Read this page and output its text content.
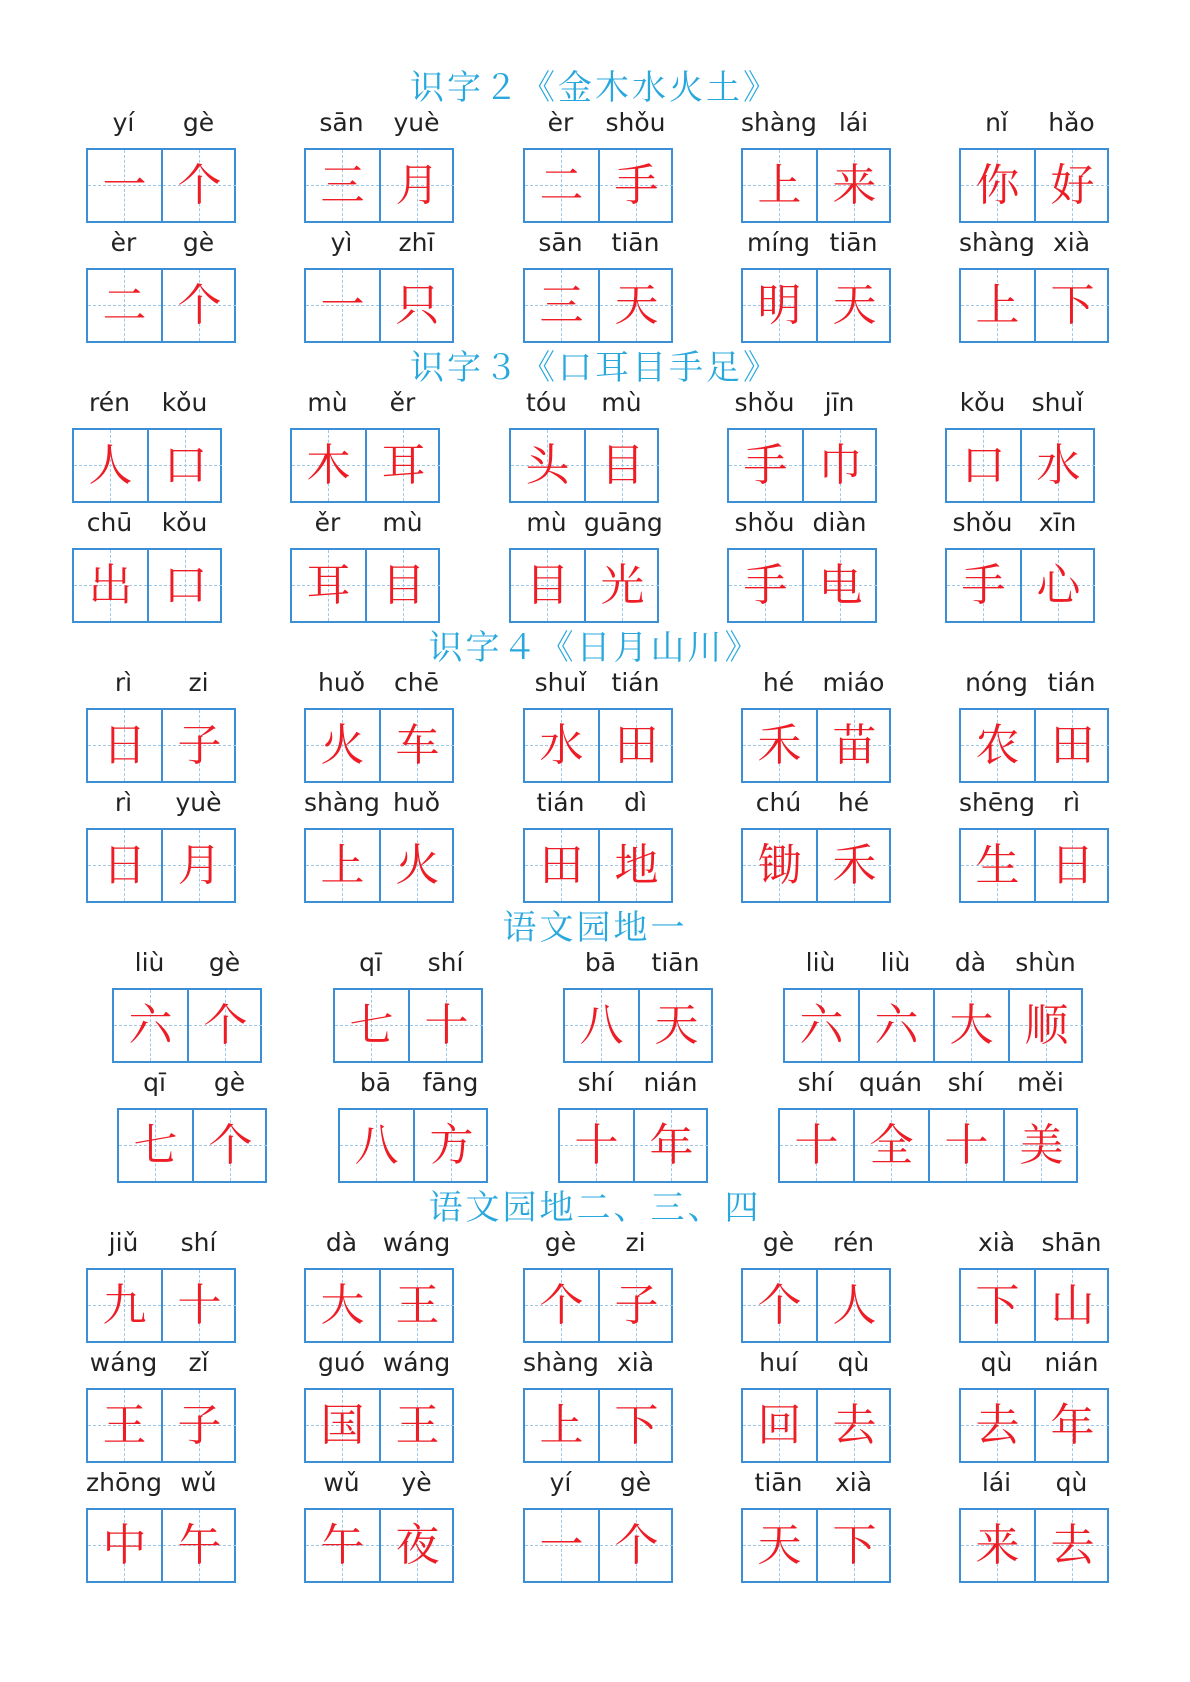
识字２《金木水火土》
yí	gè
一 个
sān	yuè
三 月
èr	shǒu
二 手
shàng lái
上 来
nǐ	hǎo
你 好
èr	gè
二 个
yì	zhī
一 只
sān	tiān
三 天
míng tiān
明 天
shàng xià
上 下
识字３《口耳目手足》
rén	kǒu
人 口
mù	ěr
木 耳
tóu	mù
头 目
shǒu	jīn
手 巾
kǒu	shuǐ
口 水
chū	kǒu
出 口
ěr	mù
耳 目
mù guāng
目 光
shǒu diàn
手 电
shǒu	xīn
手 心
识字４《日月山川》
rì	zi
日 子
huǒ	chē
火 车
shuǐ	tián
水 田
hé	miáo
禾 苗
nóng tián
农 田
rì	yuè
日 月
shàng huǒ
上 火
tián	dì
田 地
chú	hé
锄 禾
shēng	rì
生 日
语文园地一
liù	gè
六 个
qī	shí
七 十
bā	tiān
八 天
liù	liù	dà	shùn
六 六 大 顺
qī	gè
七 个
bā	fāng
八 方
shí	nián
十 年
shí	quán	shí	měi
十 全 十 美
语文园地二、三、四
jiǔ	shí
九 十
dà	wáng
大 王
gè	zi
个 子
gè	rén
个 人
xià	shān
下 山
wáng	zǐ
王 子
guó wáng
国 王
shàng xià
上 下
huí	qù
回 去
qù	nián
去 年
zhōng wǔ
中 午
wǔ	yè
午 夜
yí	gè
一 个
tiān	xià
天 下
lái	qù
来 去
